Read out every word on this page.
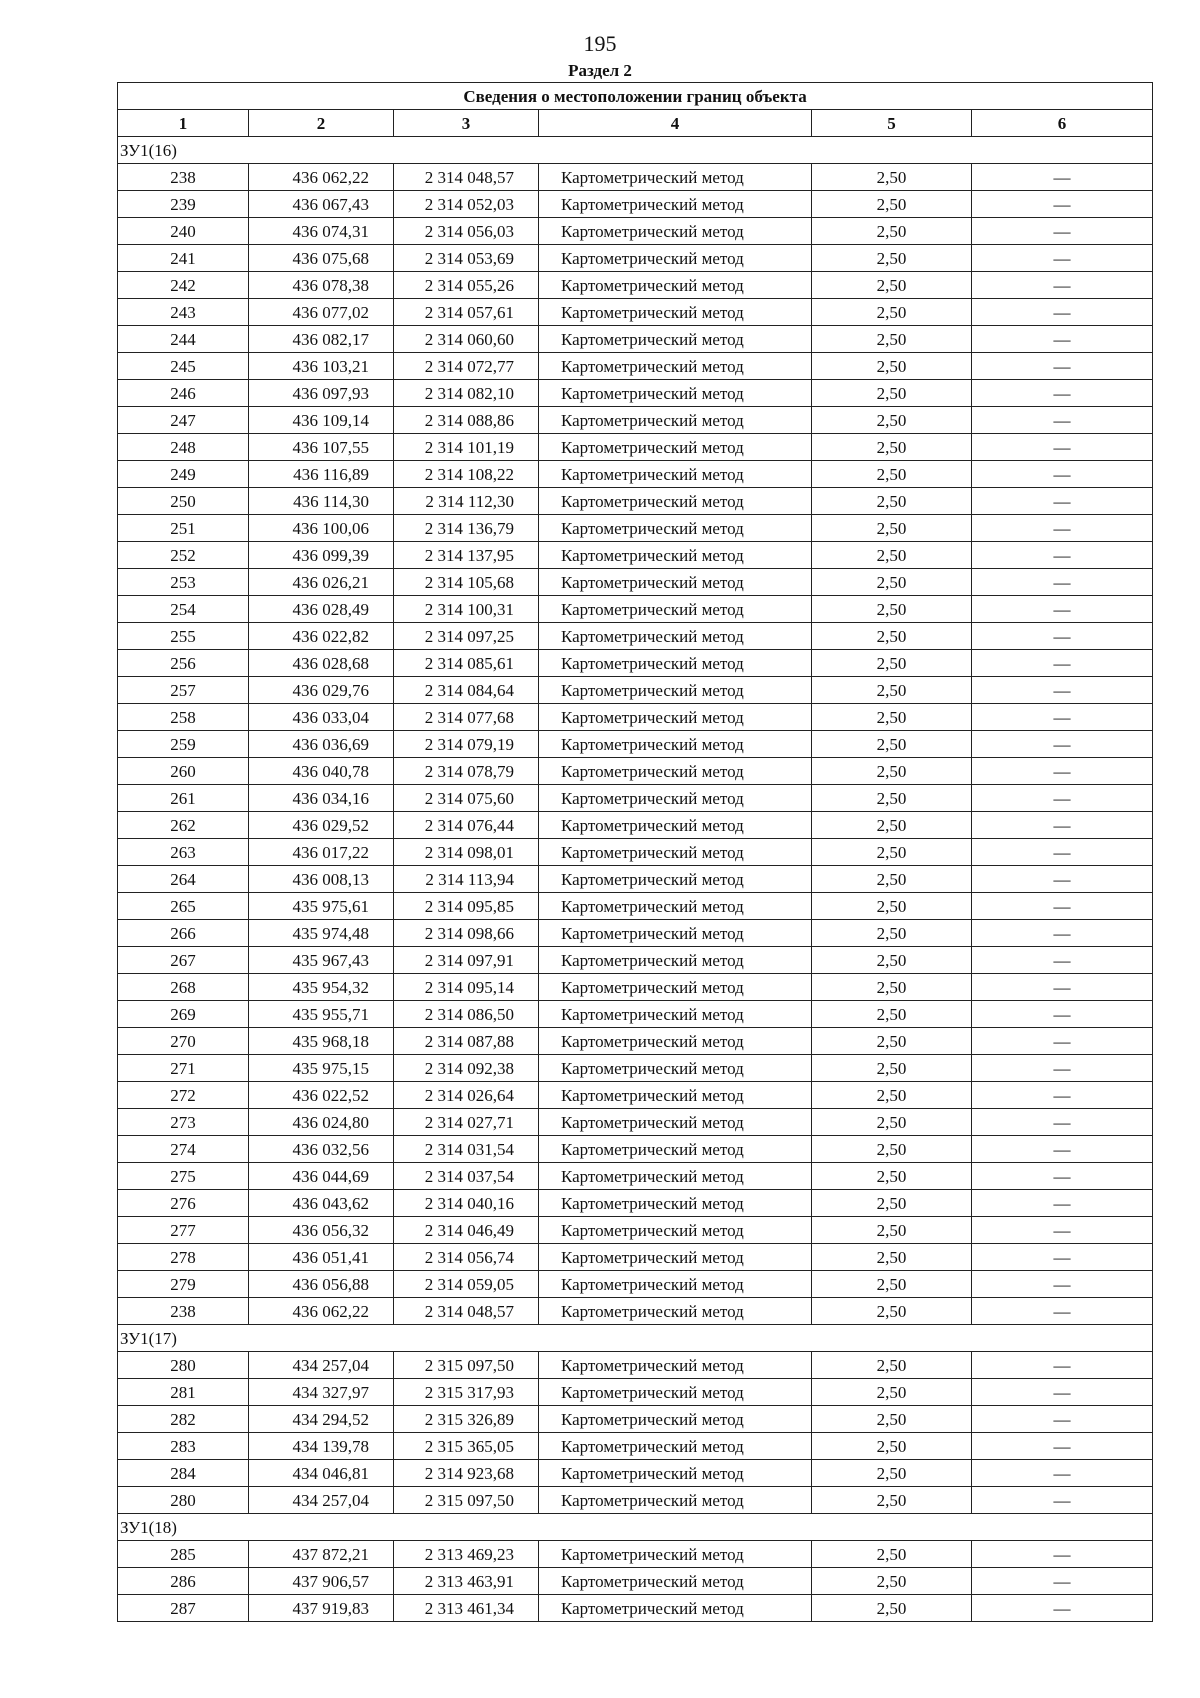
195
Раздел 2
Сведения о местоположении границ объекта					
1	2	3	4	5	6
ЗУ1(16)					
238	436 062,22	2 314 048,57	Картометрический метод	2,50	—
239	436 067,43	2 314 052,03	Картометрический метод	2,50	—
240	436 074,31	2 314 056,03	Картометрический метод	2,50	—
241	436 075,68	2 314 053,69	Картометрический метод	2,50	—
242	436 078,38	2 314 055,26	Картометрический метод	2,50	—
243	436 077,02	2 314 057,61	Картометрический метод	2,50	—
244	436 082,17	2 314 060,60	Картометрический метод	2,50	—
245	436 103,21	2 314 072,77	Картометрический метод	2,50	—
246	436 097,93	2 314 082,10	Картометрический метод	2,50	—
247	436 109,14	2 314 088,86	Картометрический метод	2,50	—
248	436 107,55	2 314 101,19	Картометрический метод	2,50	—
249	436 116,89	2 314 108,22	Картометрический метод	2,50	—
250	436 114,30	2 314 112,30	Картометрический метод	2,50	—
251	436 100,06	2 314 136,79	Картометрический метод	2,50	—
252	436 099,39	2 314 137,95	Картометрический метод	2,50	—
253	436 026,21	2 314 105,68	Картометрический метод	2,50	—
254	436 028,49	2 314 100,31	Картометрический метод	2,50	—
255	436 022,82	2 314 097,25	Картометрический метод	2,50	—
256	436 028,68	2 314 085,61	Картометрический метод	2,50	—
257	436 029,76	2 314 084,64	Картометрический метод	2,50	—
258	436 033,04	2 314 077,68	Картометрический метод	2,50	—
259	436 036,69	2 314 079,19	Картометрический метод	2,50	—
260	436 040,78	2 314 078,79	Картометрический метод	2,50	—
261	436 034,16	2 314 075,60	Картометрический метод	2,50	—
262	436 029,52	2 314 076,44	Картометрический метод	2,50	—
263	436 017,22	2 314 098,01	Картометрический метод	2,50	—
264	436 008,13	2 314 113,94	Картометрический метод	2,50	—
265	435 975,61	2 314 095,85	Картометрический метод	2,50	—
266	435 974,48	2 314 098,66	Картометрический метод	2,50	—
267	435 967,43	2 314 097,91	Картометрический метод	2,50	—
268	435 954,32	2 314 095,14	Картометрический метод	2,50	—
269	435 955,71	2 314 086,50	Картометрический метод	2,50	—
270	435 968,18	2 314 087,88	Картометрический метод	2,50	—
271	435 975,15	2 314 092,38	Картометрический метод	2,50	—
272	436 022,52	2 314 026,64	Картометрический метод	2,50	—
273	436 024,80	2 314 027,71	Картометрический метод	2,50	—
274	436 032,56	2 314 031,54	Картометрический метод	2,50	—
275	436 044,69	2 314 037,54	Картометрический метод	2,50	—
276	436 043,62	2 314 040,16	Картометрический метод	2,50	—
277	436 056,32	2 314 046,49	Картометрический метод	2,50	—
278	436 051,41	2 314 056,74	Картометрический метод	2,50	—
279	436 056,88	2 314 059,05	Картометрический метод	2,50	—
238	436 062,22	2 314 048,57	Картометрический метод	2,50	—
ЗУ1(17)					
280	434 257,04	2 315 097,50	Картометрический метод	2,50	—
281	434 327,97	2 315 317,93	Картометрический метод	2,50	—
282	434 294,52	2 315 326,89	Картометрический метод	2,50	—
283	434 139,78	2 315 365,05	Картометрический метод	2,50	—
284	434 046,81	2 314 923,68	Картометрический метод	2,50	—
280	434 257,04	2 315 097,50	Картометрический метод	2,50	—
ЗУ1(18)					
285	437 872,21	2 313 469,23	Картометрический метод	2,50	—
286	437 906,57	2 313 463,91	Картометрический метод	2,50	—
287	437 919,83	2 313 461,34	Картометрический метод	2,50	—
